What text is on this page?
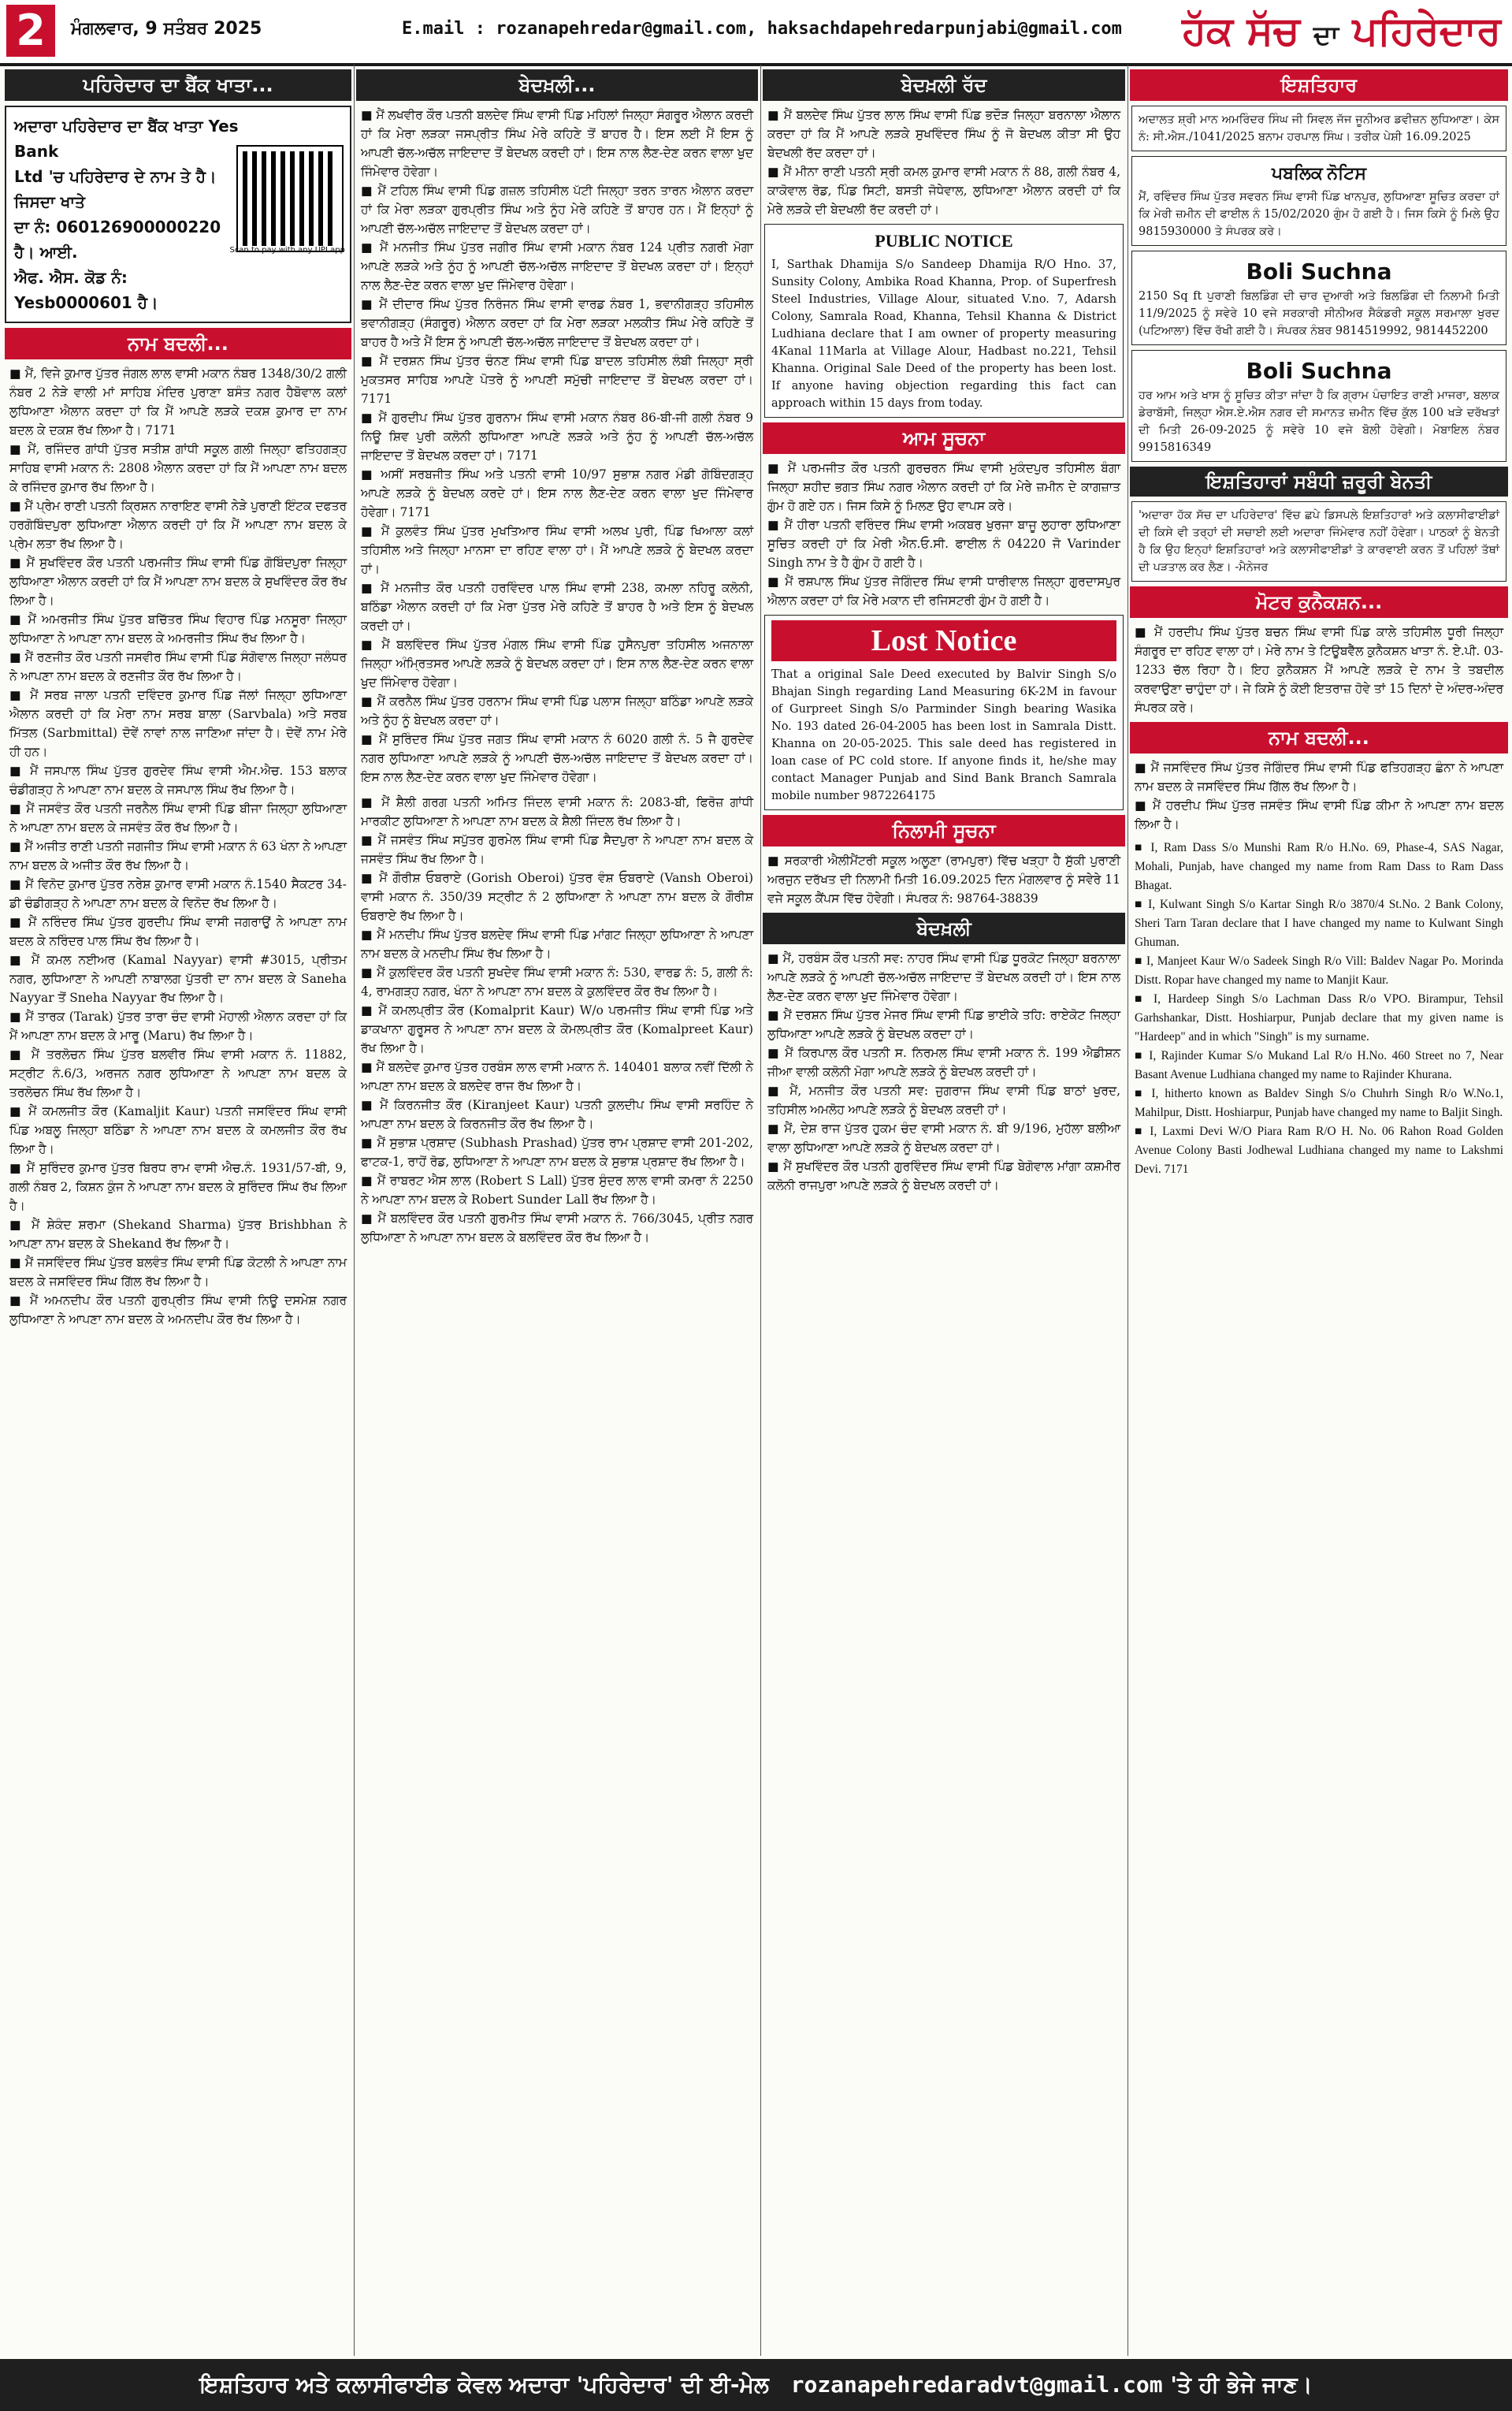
2	ਮੰਗਲਵਾਰ, 9 ਸਤੰਬਰ 2025	E.mail : rozanapehredar@gmail.com, haksachdapehredarpunjabi@gmail.com ਹੱਕ ਸੱਚ ਦਾ ਪਹਿਰੇਦਾਰ
ਪਹਿਰੇਦਾਰ ਦਾ ਬੈਂਕ ਖਾਤਾ...
ਅਦਾਰਾ ਪਹਿਰੇਦਾਰ ਦਾ ਬੈਂਕ ਖਾਤਾ Yes Bank
Ltd 'ਚ ਪਹਿਰੇਦਾਰ ਦੇ ਨਾਮ ਤੇ ਹੈ। ਜਿਸਦਾ ਖਾਤੇ
ਦਾ ਨੰ: 060126900000220 ਹੈ। ਆਈ.
ਐਫ. ਐਸ. ਕੋਡ ਨੰ: Yesb0000601 ਹੈ।
Scan to pay with any UPI app
ਨਾਮ ਬਦਲੀ...
■ ਮੈਂ, ਵਿਜੇ ਕੁਮਾਰ ਪੁੱਤਰ ਜੰਗਲ ਲਾਲ ਵਾਸੀ ਮਕਾਨ ਨੰਬਰ 1348/30/2 ਗਲੀ ਨੰਬਰ 2 ਨੇੜੇ ਵਾਲੀ ਮਾਂ ਸਾਹਿਬ ਮੰਦਿਰ ਪੁਰਾਣਾ ਬਸੰਤ ਨਗਰ ਹੈਬੋਵਾਲ ਕਲਾਂ ਲੁਧਿਆਣਾ ਐਲਾਨ ਕਰਦਾ ਹਾਂ ਕਿ ਮੈਂ ਆਪਣੇ ਲੜਕੇ ਦਕਸ਼ ਕੁਮਾਰ ਦਾ ਨਾਮ ਬਦਲ ਕੇ ਦਕਸ਼ ਰੱਖ ਲਿਆ ਹੈ। 7171
■ ਮੈਂ, ਰਜਿੰਦਰ ਗਾਂਧੀ ਪੁੱਤਰ ਸਤੀਸ਼ ਗਾਂਧੀ ਸਕੂਲ ਗਲੀ ਜਿਲ੍ਹਾ ਫਤਿਹਗੜ੍ਹ ਸਾਹਿਬ ਵਾਸੀ ਮਕਾਨ ਨੰ: 2808 ਐਲਾਨ ਕਰਦਾ ਹਾਂ ਕਿ ਮੈਂ ਆਪਣਾ ਨਾਮ ਬਦਲ ਕੇ ਰਜਿੰਦਰ ਕੁਮਾਰ ਰੱਖ ਲਿਆ ਹੈ।
■ ਮੈਂ ਪ੍ਰੇਮ ਰਾਣੀ ਪਤਨੀ ਕ੍ਰਿਸ਼ਨ ਨਾਰਾਇਣ ਵਾਸੀ ਨੇੜੇ ਪੁਰਾਣੀ ਇੰਟਕ ਦਫਤਰ ਹਰਗੋਬਿੰਦਪੁਰਾ ਲੁਧਿਆਣਾ ਐਲਾਨ ਕਰਦੀ ਹਾਂ ਕਿ ਮੈਂ ਆਪਣਾ ਨਾਮ ਬਦਲ ਕੇ ਪ੍ਰੇਮ ਲਤਾ ਰੱਖ ਲਿਆ ਹੈ।
■ ਮੈਂ ਸੁਖਵਿੰਦਰ ਕੌਰ ਪਤਨੀ ਪਰਮਜੀਤ ਸਿੰਘ ਵਾਸੀ ਪਿੰਡ ਗੋਬਿੰਦਪੁਰਾ ਜਿਲ੍ਹਾ ਲੁਧਿਆਣਾ ਐਲਾਨ ਕਰਦੀ ਹਾਂ ਕਿ ਮੈਂ ਆਪਣਾ ਨਾਮ ਬਦਲ ਕੇ ਸੁਖਵਿੰਦਰ ਕੌਰ ਰੱਖ ਲਿਆ ਹੈ।
■ ਮੈਂ ਅਮਰਜੀਤ ਸਿੰਘ ਪੁੱਤਰ ਬਚਿੱਤਰ ਸਿੰਘ ਵਿਹਾਰ ਪਿੰਡ ਮਨਸੂਰਾ ਜਿਲ੍ਹਾ ਲੁਧਿਆਣਾ ਨੇ ਆਪਣਾ ਨਾਮ ਬਦਲ ਕੇ ਅਮਰਜੀਤ ਸਿੰਘ ਰੱਖ ਲਿਆ ਹੈ।
■ ਮੈਂ ਰਣਜੀਤ ਕੌਰ ਪਤਨੀ ਜਸਵੀਰ ਸਿੰਘ ਵਾਸੀ ਪਿੰਡ ਸੰਗੋਵਾਲ ਜਿਲ੍ਹਾ ਜਲੰਧਰ ਨੇ ਆਪਣਾ ਨਾਮ ਬਦਲ ਕੇ ਰਣਜੀਤ ਕੌਰ ਰੱਖ ਲਿਆ ਹੈ।
■ ਮੈਂ ਸਰਬ ਜਾਲਾ ਪਤਨੀ ਦਵਿੰਦਰ ਕੁਮਾਰ ਪਿੰਡ ਜੱਲਾਂ ਜਿਲ੍ਹਾ ਲੁਧਿਆਣਾ ਐਲਾਨ ਕਰਦੀ ਹਾਂ ਕਿ ਮੇਰਾ ਨਾਮ ਸਰਬ ਬਾਲਾ (Sarvbala) ਅਤੇ ਸਰਬ ਮਿੱਤਲ (Sarbmittal) ਦੋਵੇਂ ਨਾਵਾਂ ਨਾਲ ਜਾਣਿਆ ਜਾਂਦਾ ਹੈ। ਦੋਵੇਂ ਨਾਮ ਮੇਰੇ ਹੀ ਹਨ।
■ ਮੈਂ ਜਸਪਾਲ ਸਿੰਘ ਪੁੱਤਰ ਗੁਰਦੇਵ ਸਿੰਘ ਵਾਸੀ ਐਮ.ਐਚ. 153 ਬਲਾਕ ਚੰਡੀਗੜ੍ਹ ਨੇ ਆਪਣਾ ਨਾਮ ਬਦਲ ਕੇ ਜਸਪਾਲ ਸਿੰਘ ਰੱਖ ਲਿਆ ਹੈ।
■ ਮੈਂ ਜਸਵੰਤ ਕੌਰ ਪਤਨੀ ਜਰਨੈਲ ਸਿੰਘ ਵਾਸੀ ਪਿੰਡ ਬੀਜਾ ਜਿਲ੍ਹਾ ਲੁਧਿਆਣਾ ਨੇ ਆਪਣਾ ਨਾਮ ਬਦਲ ਕੇ ਜਸਵੰਤ ਕੌਰ ਰੱਖ ਲਿਆ ਹੈ।
■ ਮੈਂ ਅਜੀਤ ਰਾਣੀ ਪਤਨੀ ਜਗਜੀਤ ਸਿੰਘ ਵਾਸੀ ਮਕਾਨ ਨੰ 63 ਖੰਨਾ ਨੇ ਆਪਣਾ ਨਾਮ ਬਦਲ ਕੇ ਅਜੀਤ ਕੌਰ ਰੱਖ ਲਿਆ ਹੈ।
■ ਮੈਂ ਵਿਨੋਦ ਕੁਮਾਰ ਪੁੱਤਰ ਨਰੇਸ਼ ਕੁਮਾਰ ਵਾਸੀ ਮਕਾਨ ਨੰ.1540 ਸੈਕਟਰ 34-ਡੀ ਚੰਡੀਗੜ੍ਹ ਨੇ ਆਪਣਾ ਨਾਮ ਬਦਲ ਕੇ ਵਿਨੋਦ ਰੱਖ ਲਿਆ ਹੈ।
■ ਮੈਂ ਨਰਿੰਦਰ ਸਿੰਘ ਪੁੱਤਰ ਗੁਰਦੀਪ ਸਿੰਘ ਵਾਸੀ ਜਗਰਾਉਂ ਨੇ ਆਪਣਾ ਨਾਮ ਬਦਲ ਕੇ ਨਰਿੰਦਰ ਪਾਲ ਸਿੰਘ ਰੱਖ ਲਿਆ ਹੈ।
■ ਮੈਂ ਕਮਲ ਨਈਅਰ (Kamal Nayyar) ਵਾਸੀ #3015, ਪ੍ਰੀਤਮ ਨਗਰ, ਲੁਧਿਆਣਾ ਨੇ ਆਪਣੀ ਨਾਬਾਲਗ ਪੁੱਤਰੀ ਦਾ ਨਾਮ ਬਦਲ ਕੇ Saneha Nayyar ਤੋਂ Sneha Nayyar ਰੱਖ ਲਿਆ ਹੈ।
■ ਮੈਂ ਤਾਰਕ (Tarak) ਪੁੱਤਰ ਤਾਰਾ ਚੰਦ ਵਾਸੀ ਮੋਹਾਲੀ ਐਲਾਨ ਕਰਦਾ ਹਾਂ ਕਿ ਮੈਂ ਆਪਣਾ ਨਾਮ ਬਦਲ ਕੇ ਮਾਰੂ (Maru) ਰੱਖ ਲਿਆ ਹੈ।
■ ਮੈਂ ਤਰਲੋਚਨ ਸਿੰਘ ਪੁੱਤਰ ਬਲਵੀਰ ਸਿੰਘ ਵਾਸੀ ਮਕਾਨ ਨੰ. 11882, ਸਟ੍ਰੀਟ ਨੰ.6/3, ਅਰਜਨ ਨਗਰ ਲੁਧਿਆਣਾ ਨੇ ਆਪਣਾ ਨਾਮ ਬਦਲ ਕੇ ਤਰਲੋਚਨ ਸਿੰਘ ਰੱਖ ਲਿਆ ਹੈ।
■ ਮੈਂ ਕਮਲਜੀਤ ਕੌਰ (Kamaljit Kaur) ਪਤਨੀ ਜਸਵਿੰਦਰ ਸਿੰਘ ਵਾਸੀ ਪਿੰਡ ਅਬਲੂ ਜਿਲ੍ਹਾ ਬਠਿੰਡਾ ਨੇ ਆਪਣਾ ਨਾਮ ਬਦਲ ਕੇ ਕਮਲਜੀਤ ਕੌਰ ਰੱਖ ਲਿਆ ਹੈ।
■ ਮੈਂ ਸੁਰਿੰਦਰ ਕੁਮਾਰ ਪੁੱਤਰ ਬਿਰਧ ਰਾਮ ਵਾਸੀ ਐਚ.ਨੰ. 1931/57-ਬੀ, 9, ਗਲੀ ਨੰਬਰ 2, ਕਿਸ਼ਨ ਕੁੰਜ ਨੇ ਆਪਣਾ ਨਾਮ ਬਦਲ ਕੇ ਸੁਰਿੰਦਰ ਸਿੰਘ ਰੱਖ ਲਿਆ ਹੈ।
■ ਮੈਂ ਸ਼ੇਕੰਦ ਸ਼ਰਮਾ (Shekand Sharma) ਪੁੱਤਰ Brishbhan ਨੇ ਆਪਣਾ ਨਾਮ ਬਦਲ ਕੇ Shekand ਰੱਖ ਲਿਆ ਹੈ।
■ ਮੈਂ ਜਸਵਿੰਦਰ ਸਿੰਘ ਪੁੱਤਰ ਬਲਵੰਤ ਸਿੰਘ ਵਾਸੀ ਪਿੰਡ ਕੋਟਲੀ ਨੇ ਆਪਣਾ ਨਾਮ ਬਦਲ ਕੇ ਜਸਵਿੰਦਰ ਸਿੰਘ ਗਿੱਲ ਰੱਖ ਲਿਆ ਹੈ।
■ ਮੈਂ ਅਮਨਦੀਪ ਕੌਰ ਪਤਨੀ ਗੁਰਪ੍ਰੀਤ ਸਿੰਘ ਵਾਸੀ ਨਿਊ ਦਸਮੇਸ਼ ਨਗਰ ਲੁਧਿਆਣਾ ਨੇ ਆਪਣਾ ਨਾਮ ਬਦਲ ਕੇ ਅਮਨਦੀਪ ਕੌਰ ਰੱਖ ਲਿਆ ਹੈ।
ਬੇਦਖ਼ਲੀ...
■ ਮੈਂ ਲਖਵੀਰ ਕੌਰ ਪਤਨੀ ਬਲਦੇਵ ਸਿੰਘ ਵਾਸੀ ਪਿੰਡ ਮਹਿਲਾਂ ਜਿਲ੍ਹਾ ਸੰਗਰੂਰ ਐਲਾਨ ਕਰਦੀ ਹਾਂ ਕਿ ਮੇਰਾ ਲੜਕਾ ਜਸਪ੍ਰੀਤ ਸਿੰਘ ਮੇਰੇ ਕਹਿਣੇ ਤੋਂ ਬਾਹਰ ਹੈ। ਇਸ ਲਈ ਮੈਂ ਇਸ ਨੂੰ ਆਪਣੀ ਚੱਲ-ਅਚੱਲ ਜਾਇਦਾਦ ਤੋਂ ਬੇਦਖਲ ਕਰਦੀ ਹਾਂ। ਇਸ ਨਾਲ ਲੈਣ-ਦੇਣ ਕਰਨ ਵਾਲਾ ਖੁਦ ਜਿੰਮੇਵਾਰ ਹੋਵੇਗਾ।
■ ਮੈਂ ਟਹਿਲ ਸਿੰਘ ਵਾਸੀ ਪਿੰਡ ਗਜ਼ਲ ਤਹਿਸੀਲ ਪੱਟੀ ਜਿਲ੍ਹਾ ਤਰਨ ਤਾਰਨ ਐਲਾਨ ਕਰਦਾ ਹਾਂ ਕਿ ਮੇਰਾ ਲੜਕਾ ਗੁਰਪ੍ਰੀਤ ਸਿੰਘ ਅਤੇ ਨੂੰਹ ਮੇਰੇ ਕਹਿਣੇ ਤੋਂ ਬਾਹਰ ਹਨ। ਮੈਂ ਇਨ੍ਹਾਂ ਨੂੰ ਆਪਣੀ ਚੱਲ-ਅਚੱਲ ਜਾਇਦਾਦ ਤੋਂ ਬੇਦਖਲ ਕਰਦਾ ਹਾਂ।
■ ਮੈਂ ਮਨਜੀਤ ਸਿੰਘ ਪੁੱਤਰ ਜਗੀਰ ਸਿੰਘ ਵਾਸੀ ਮਕਾਨ ਨੰਬਰ 124 ਪ੍ਰੀਤ ਨਗਰੀ ਮੋਗਾ ਆਪਣੇ ਲੜਕੇ ਅਤੇ ਨੂੰਹ ਨੂੰ ਆਪਣੀ ਚੱਲ-ਅਚੱਲ ਜਾਇਦਾਦ ਤੋਂ ਬੇਦਖਲ ਕਰਦਾ ਹਾਂ। ਇਨ੍ਹਾਂ ਨਾਲ ਲੈਣ-ਦੇਣ ਕਰਨ ਵਾਲਾ ਖੁਦ ਜਿੰਮੇਵਾਰ ਹੋਵੇਗਾ।
■ ਮੈਂ ਦੀਦਾਰ ਸਿੰਘ ਪੁੱਤਰ ਨਿਰੰਜਨ ਸਿੰਘ ਵਾਸੀ ਵਾਰਡ ਨੰਬਰ 1, ਭਵਾਨੀਗੜ੍ਹ ਤਹਿਸੀਲ ਭਵਾਨੀਗੜ੍ਹ (ਸੰਗਰੂਰ) ਐਲਾਨ ਕਰਦਾ ਹਾਂ ਕਿ ਮੇਰਾ ਲੜਕਾ ਮਲਕੀਤ ਸਿੰਘ ਮੇਰੇ ਕਹਿਣੇ ਤੋਂ ਬਾਹਰ ਹੈ ਅਤੇ ਮੈਂ ਇਸ ਨੂੰ ਆਪਣੀ ਚੱਲ-ਅਚੱਲ ਜਾਇਦਾਦ ਤੋਂ ਬੇਦਖਲ ਕਰਦਾ ਹਾਂ।
■ ਮੈਂ ਦਰਸ਼ਨ ਸਿੰਘ ਪੁੱਤਰ ਚੰਨਣ ਸਿੰਘ ਵਾਸੀ ਪਿੰਡ ਬਾਦਲ ਤਹਿਸੀਲ ਲੰਬੀ ਜਿਲ੍ਹਾ ਸ੍ਰੀ ਮੁਕਤਸਰ ਸਾਹਿਬ ਆਪਣੇ ਪੋਤਰੇ ਨੂੰ ਆਪਣੀ ਸਮੁੱਚੀ ਜਾਇਦਾਦ ਤੋਂ ਬੇਦਖਲ ਕਰਦਾ ਹਾਂ। 7171
■ ਮੈਂ ਗੁਰਦੀਪ ਸਿੰਘ ਪੁੱਤਰ ਗੁਰਨਾਮ ਸਿੰਘ ਵਾਸੀ ਮਕਾਨ ਨੰਬਰ 86-ਬੀ-ਜੀ ਗਲੀ ਨੰਬਰ 9 ਨਿਊ ਸ਼ਿਵ ਪੁਰੀ ਕਲੋਨੀ ਲੁਧਿਆਣਾ ਆਪਣੇ ਲੜਕੇ ਅਤੇ ਨੂੰਹ ਨੂੰ ਆਪਣੀ ਚੱਲ-ਅਚੱਲ ਜਾਇਦਾਦ ਤੋਂ ਬੇਦਖਲ ਕਰਦਾ ਹਾਂ। 7171
■ ਅਸੀਂ ਸਰਬਜੀਤ ਸਿੰਘ ਅਤੇ ਪਤਨੀ ਵਾਸੀ 10/97 ਸੁਭਾਸ਼ ਨਗਰ ਮੰਡੀ ਗੋਬਿੰਦਗੜ੍ਹ ਆਪਣੇ ਲੜਕੇ ਨੂੰ ਬੇਦਖਲ ਕਰਦੇ ਹਾਂ। ਇਸ ਨਾਲ ਲੈਣ-ਦੇਣ ਕਰਨ ਵਾਲਾ ਖੁਦ ਜਿੰਮੇਵਾਰ ਹੋਵੇਗਾ। 7171
■ ਮੈਂ ਕੁਲਵੰਤ ਸਿੰਘ ਪੁੱਤਰ ਮੁਖਤਿਆਰ ਸਿੰਘ ਵਾਸੀ ਅਲਖ ਪੁਰੀ, ਪਿੰਡ ਖਿਆਲਾ ਕਲਾਂ ਤਹਿਸੀਲ ਅਤੇ ਜਿਲ੍ਹਾ ਮਾਨਸਾ ਦਾ ਰਹਿਣ ਵਾਲਾ ਹਾਂ। ਮੈਂ ਆਪਣੇ ਲੜਕੇ ਨੂੰ ਬੇਦਖਲ ਕਰਦਾ ਹਾਂ।
■ ਮੈਂ ਮਨਜੀਤ ਕੌਰ ਪਤਨੀ ਹਰਵਿੰਦਰ ਪਾਲ ਸਿੰਘ ਵਾਸੀ 238, ਕਮਲਾ ਨਹਿਰੂ ਕਲੋਨੀ, ਬਠਿੰਡਾ ਐਲਾਨ ਕਰਦੀ ਹਾਂ ਕਿ ਮੇਰਾ ਪੁੱਤਰ ਮੇਰੇ ਕਹਿਣੇ ਤੋਂ ਬਾਹਰ ਹੈ ਅਤੇ ਇਸ ਨੂੰ ਬੇਦਖਲ ਕਰਦੀ ਹਾਂ।
■ ਮੈਂ ਬਲਵਿੰਦਰ ਸਿੰਘ ਪੁੱਤਰ ਮੰਗਲ ਸਿੰਘ ਵਾਸੀ ਪਿੰਡ ਹੁਸੈਨਪੁਰਾ ਤਹਿਸੀਲ ਅਜਨਾਲਾ ਜਿਲ੍ਹਾ ਅੰਮ੍ਰਿਤਸਰ ਆਪਣੇ ਲੜਕੇ ਨੂੰ ਬੇਦਖਲ ਕਰਦਾ ਹਾਂ। ਇਸ ਨਾਲ ਲੈਣ-ਦੇਣ ਕਰਨ ਵਾਲਾ ਖੁਦ ਜਿੰਮੇਵਾਰ ਹੋਵੇਗਾ।
■ ਮੈਂ ਕਰਨੈਲ ਸਿੰਘ ਪੁੱਤਰ ਹਰਨਾਮ ਸਿੰਘ ਵਾਸੀ ਪਿੰਡ ਪਲਾਸ ਜਿਲ੍ਹਾ ਬਠਿੰਡਾ ਆਪਣੇ ਲੜਕੇ ਅਤੇ ਨੂੰਹ ਨੂੰ ਬੇਦਖਲ ਕਰਦਾ ਹਾਂ।
■ ਮੈਂ ਸੁਰਿੰਦਰ ਸਿੰਘ ਪੁੱਤਰ ਜਗਤ ਸਿੰਘ ਵਾਸੀ ਮਕਾਨ ਨੰ 6020 ਗਲੀ ਨੰ. 5 ਜੈ ਗੁਰਦੇਵ ਨਗਰ ਲੁਧਿਆਣਾ ਆਪਣੇ ਲੜਕੇ ਨੂੰ ਆਪਣੀ ਚੱਲ-ਅਚੱਲ ਜਾਇਦਾਦ ਤੋਂ ਬੇਦਖਲ ਕਰਦਾ ਹਾਂ। ਇਸ ਨਾਲ ਲੈਣ-ਦੇਣ ਕਰਨ ਵਾਲਾ ਖੁਦ ਜਿੰਮੇਵਾਰ ਹੋਵੇਗਾ।
■ ਮੈਂ ਸ਼ੈਲੀ ਗਰਗ ਪਤਨੀ ਅਮਿਤ ਜਿੰਦਲ ਵਾਸੀ ਮਕਾਨ ਨੰ: 2083-ਬੀ, ਫਿਰੋਜ਼ ਗਾਂਧੀ ਮਾਰਕੀਟ ਲੁਧਿਆਣਾ ਨੇ ਆਪਣਾ ਨਾਮ ਬਦਲ ਕੇ ਸ਼ੈਲੀ ਜਿੰਦਲ ਰੱਖ ਲਿਆ ਹੈ।
■ ਮੈਂ ਜਸਵੰਤ ਸਿੰਘ ਸਪੁੱਤਰ ਗੁਰਮੇਲ ਸਿੰਘ ਵਾਸੀ ਪਿੰਡ ਸੈਦਪੁਰਾ ਨੇ ਆਪਣਾ ਨਾਮ ਬਦਲ ਕੇ ਜਸਵੰਤ ਸਿੰਘ ਰੱਖ ਲਿਆ ਹੈ।
■ ਮੈਂ ਗੌਰੀਸ਼ ਓਬਰਾਏ (Gorish Oberoi) ਪੁੱਤਰ ਵੰਸ਼ ਓਬਰਾਏ (Vansh Oberoi) ਵਾਸੀ ਮਕਾਨ ਨੰ. 350/39 ਸਟ੍ਰੀਟ ਨੰ 2 ਲੁਧਿਆਣਾ ਨੇ ਆਪਣਾ ਨਾਮ ਬਦਲ ਕੇ ਗੌਰੀਸ਼ ਓਬਰਾਏ ਰੱਖ ਲਿਆ ਹੈ।
■ ਮੈਂ ਮਨਦੀਪ ਸਿੰਘ ਪੁੱਤਰ ਬਲਦੇਵ ਸਿੰਘ ਵਾਸੀ ਪਿੰਡ ਮਾਂਗਟ ਜਿਲ੍ਹਾ ਲੁਧਿਆਣਾ ਨੇ ਆਪਣਾ ਨਾਮ ਬਦਲ ਕੇ ਮਨਦੀਪ ਸਿੰਘ ਰੱਖ ਲਿਆ ਹੈ।
■ ਮੈਂ ਕੁਲਵਿੰਦਰ ਕੌਰ ਪਤਨੀ ਸੁਖਦੇਵ ਸਿੰਘ ਵਾਸੀ ਮਕਾਨ ਨੰ: 530, ਵਾਰਡ ਨੰ: 5, ਗਲੀ ਨੰ: 4, ਰਾਮਗੜ੍ਹ ਨਗਰ, ਖੰਨਾ ਨੇ ਆਪਣਾ ਨਾਮ ਬਦਲ ਕੇ ਕੁਲਵਿੰਦਰ ਕੌਰ ਰੱਖ ਲਿਆ ਹੈ।
■ ਮੈਂ ਕਮਲਪ੍ਰੀਤ ਕੌਰ (Komalprit Kaur) W/o ਪਰਮਜੀਤ ਸਿੰਘ ਵਾਸੀ ਪਿੰਡ ਅਤੇ ਡਾਕਖਾਨਾ ਗੁਰੂਸਰ ਨੇ ਆਪਣਾ ਨਾਮ ਬਦਲ ਕੇ ਕੋਮਲਪ੍ਰੀਤ ਕੌਰ (Komalpreet Kaur) ਰੱਖ ਲਿਆ ਹੈ।
■ ਮੈਂ ਬਲਦੇਵ ਕੁਮਾਰ ਪੁੱਤਰ ਹਰਬੰਸ ਲਾਲ ਵਾਸੀ ਮਕਾਨ ਨੰ. 140401 ਬਲਾਕ ਨਵੀਂ ਦਿੱਲੀ ਨੇ ਆਪਣਾ ਨਾਮ ਬਦਲ ਕੇ ਬਲਦੇਵ ਰਾਜ ਰੱਖ ਲਿਆ ਹੈ।
■ ਮੈਂ ਕਿਰਨਜੀਤ ਕੌਰ (Kiranjeet Kaur) ਪਤਨੀ ਕੁਲਦੀਪ ਸਿੰਘ ਵਾਸੀ ਸਰਹਿੰਦ ਨੇ ਆਪਣਾ ਨਾਮ ਬਦਲ ਕੇ ਕਿਰਨਜੀਤ ਕੌਰ ਰੱਖ ਲਿਆ ਹੈ।
■ ਮੈਂ ਸੁਭਾਸ਼ ਪ੍ਰਸ਼ਾਦ (Subhash Prashad) ਪੁੱਤਰ ਰਾਮ ਪ੍ਰਸ਼ਾਦ ਵਾਸੀ 201-202, ਫਾਟਕ-1, ਰਾਹੋਂ ਰੋਡ, ਲੁਧਿਆਣਾ ਨੇ ਆਪਣਾ ਨਾਮ ਬਦਲ ਕੇ ਸੁਭਾਸ਼ ਪ੍ਰਸ਼ਾਦ ਰੱਖ ਲਿਆ ਹੈ।
■ ਮੈਂ ਰਾਬਰਟ ਐਸ ਲਾਲ (Robert S Lall) ਪੁੱਤਰ ਸੁੰਦਰ ਲਾਲ ਵਾਸੀ ਕਮਰਾ ਨੰ 2250 ਨੇ ਆਪਣਾ ਨਾਮ ਬਦਲ ਕੇ Robert Sunder Lall ਰੱਖ ਲਿਆ ਹੈ।
■ ਮੈਂ ਬਲਵਿੰਦਰ ਕੌਰ ਪਤਨੀ ਗੁਰਮੀਤ ਸਿੰਘ ਵਾਸੀ ਮਕਾਨ ਨੰ. 766/3045, ਪ੍ਰੀਤ ਨਗਰ ਲੁਧਿਆਣਾ ਨੇ ਆਪਣਾ ਨਾਮ ਬਦਲ ਕੇ ਬਲਵਿੰਦਰ ਕੌਰ ਰੱਖ ਲਿਆ ਹੈ।
ਬੇਦਖ਼ਲੀ ਰੱਦ
■ ਮੈਂ ਬਲਦੇਵ ਸਿੰਘ ਪੁੱਤਰ ਲਾਲ ਸਿੰਘ ਵਾਸੀ ਪਿੰਡ ਭਦੌੜ ਜਿਲ੍ਹਾ ਬਰਨਾਲਾ ਐਲਾਨ ਕਰਦਾ ਹਾਂ ਕਿ ਮੈਂ ਆਪਣੇ ਲੜਕੇ ਸੁਖਵਿੰਦਰ ਸਿੰਘ ਨੂੰ ਜੋ ਬੇਦਖਲ ਕੀਤਾ ਸੀ ਉਹ ਬੇਦਖਲੀ ਰੱਦ ਕਰਦਾ ਹਾਂ।
■ ਮੈਂ ਮੀਨਾ ਰਾਣੀ ਪਤਨੀ ਸ੍ਰੀ ਕਮਲ ਕੁਮਾਰ ਵਾਸੀ ਮਕਾਨ ਨੰ 88, ਗਲੀ ਨੰਬਰ 4, ਕਾਕੋਵਾਲ ਰੋਡ, ਪਿੰਡ ਸਿਟੀ, ਬਸਤੀ ਜੋਧੇਵਾਲ, ਲੁਧਿਆਣਾ ਐਲਾਨ ਕਰਦੀ ਹਾਂ ਕਿ ਮੇਰੇ ਲੜਕੇ ਦੀ ਬੇਦਖਲੀ ਰੱਦ ਕਰਦੀ ਹਾਂ।
PUBLIC NOTICE
I, Sarthak Dhamija S/o Sandeep Dhamija R/O Hno. 37, Sunsity Colony, Ambika Road Khanna, Prop. of Superfresh Steel Industries, Village Alour, situated V.no. 7, Adarsh Colony, Samrala Road, Khanna, Tehsil Khanna & District Ludhiana declare that I am owner of property measuring 4Kanal 11Marla at Village Alour, Hadbast no.221, Tehsil Khanna. Original Sale Deed of the property has been lost. If anyone having objection regarding this fact can approach within 15 days from today.
ਆਮ ਸੂਚਨਾ
■ ਮੈਂ ਪਰਮਜੀਤ ਕੌਰ ਪਤਨੀ ਗੁਰਚਰਨ ਸਿੰਘ ਵਾਸੀ ਮੁਕੰਦਪੁਰ ਤਹਿਸੀਲ ਬੰਗਾ ਜਿਲ੍ਹਾ ਸ਼ਹੀਦ ਭਗਤ ਸਿੰਘ ਨਗਰ ਐਲਾਨ ਕਰਦੀ ਹਾਂ ਕਿ ਮੇਰੇ ਜ਼ਮੀਨ ਦੇ ਕਾਗਜ਼ਾਤ ਗੁੰਮ ਹੋ ਗਏ ਹਨ। ਜਿਸ ਕਿਸੇ ਨੂੰ ਮਿਲਣ ਉਹ ਵਾਪਸ ਕਰੇ।
■ ਮੈਂ ਹੀਰਾ ਪਤਨੀ ਵਰਿੰਦਰ ਸਿੰਘ ਵਾਸੀ ਅਕਬਰ ਖੁਰਜਾ ਬਾਜੂ ਲੁਹਾਰਾ ਲੁਧਿਆਣਾ ਸੂਚਿਤ ਕਰਦੀ ਹਾਂ ਕਿ ਮੇਰੀ ਐਨ.ਓ.ਸੀ. ਫਾਈਲ ਨੰ 04220 ਜੋ Varinder Singh ਨਾਮ ਤੇ ਹੈ ਗੁੰਮ ਹੋ ਗਈ ਹੈ।
■ ਮੈਂ ਰਸ਼ਪਾਲ ਸਿੰਘ ਪੁੱਤਰ ਜੋਗਿੰਦਰ ਸਿੰਘ ਵਾਸੀ ਧਾਰੀਵਾਲ ਜਿਲ੍ਹਾ ਗੁਰਦਾਸਪੁਰ ਐਲਾਨ ਕਰਦਾ ਹਾਂ ਕਿ ਮੇਰੇ ਮਕਾਨ ਦੀ ਰਜਿਸਟਰੀ ਗੁੰਮ ਹੋ ਗਈ ਹੈ।
Lost Notice
That a original Sale Deed executed by Balvir Singh S/o Bhajan Singh regarding Land Measuring 6K-2M in favour of Gurpreet Singh S/o Parminder Singh bearing Wasika No. 193 dated 26-04-2005 has been lost in Samrala Distt. Khanna on 20-05-2025. This sale deed has registered in loan case of PC cold store. If anyone finds it, he/she may contact Manager Punjab and Sind Bank Branch Samrala mobile number 9872264175
ਨਿਲਾਮੀ ਸੂਚਨਾ
■ ਸਰਕਾਰੀ ਐਲੀਮੈਂਟਰੀ ਸਕੂਲ ਅਲੂਣਾ (ਰਾਮਪੁਰਾ) ਵਿੱਚ ਖੜ੍ਹਾ ਹੈ ਸੁੱਕੀ ਪੁਰਾਣੀ ਅਰਜੁਨ ਦਰੱਖਤ ਦੀ ਨਿਲਾਮੀ ਮਿਤੀ 16.09.2025 ਦਿਨ ਮੰਗਲਵਾਰ ਨੂੰ ਸਵੇਰੇ 11 ਵਜੇ ਸਕੂਲ ਕੈਂਪਸ ਵਿੱਚ ਹੋਵੇਗੀ। ਸੰਪਰਕ ਨੰ: 98764-38839
ਬੇਦਖ਼ਲੀ
■ ਮੈਂ, ਹਰਬੰਸ ਕੌਰ ਪਤਨੀ ਸਵ: ਨਾਹਰ ਸਿੰਘ ਵਾਸੀ ਪਿੰਡ ਧੂਰਕੋਟ ਜਿਲ੍ਹਾ ਬਰਨਾਲਾ ਆਪਣੇ ਲੜਕੇ ਨੂੰ ਆਪਣੀ ਚੱਲ-ਅਚੱਲ ਜਾਇਦਾਦ ਤੋਂ ਬੇਦਖਲ ਕਰਦੀ ਹਾਂ। ਇਸ ਨਾਲ ਲੈਣ-ਦੇਣ ਕਰਨ ਵਾਲਾ ਖੁਦ ਜਿੰਮੇਵਾਰ ਹੋਵੇਗਾ।
■ ਮੈਂ ਦਰਸ਼ਨ ਸਿੰਘ ਪੁੱਤਰ ਮੇਜਰ ਸਿੰਘ ਵਾਸੀ ਪਿੰਡ ਭਾਈਕੇ ਤਹਿ: ਰਾਏਕੋਟ ਜਿਲ੍ਹਾ ਲੁਧਿਆਣਾ ਆਪਣੇ ਲੜਕੇ ਨੂੰ ਬੇਦਖਲ ਕਰਦਾ ਹਾਂ।
■ ਮੈਂ ਕਿਰਪਾਲ ਕੌਰ ਪਤਨੀ ਸ. ਨਿਰਮਲ ਸਿੰਘ ਵਾਸੀ ਮਕਾਨ ਨੰ. 199 ਐਡੀਸ਼ਨ ਜੀਆ ਵਾਲੀ ਕਲੋਨੀ ਮੋਗਾ ਆਪਣੇ ਲੜਕੇ ਨੂੰ ਬੇਦਖਲ ਕਰਦੀ ਹਾਂ।
■ ਮੈਂ, ਮਨਜੀਤ ਕੌਰ ਪਤਨੀ ਸਵ: ਜੁਗਰਾਜ ਸਿੰਘ ਵਾਸੀ ਪਿੰਡ ਬਾਠਾਂ ਖੁਰਦ, ਤਹਿਸੀਲ ਅਮਲੋਹ ਆਪਣੇ ਲੜਕੇ ਨੂੰ ਬੇਦਖਲ ਕਰਦੀ ਹਾਂ।
■ ਮੈਂ, ਦੇਸ਼ ਰਾਜ ਪੁੱਤਰ ਹੁਕਮ ਚੰਦ ਵਾਸੀ ਮਕਾਨ ਨੰ. ਬੀ 9/196, ਮੁਹੱਲਾ ਬਲੀਆ ਵਾਲਾ ਲੁਧਿਆਣਾ ਆਪਣੇ ਲੜਕੇ ਨੂੰ ਬੇਦਖਲ ਕਰਦਾ ਹਾਂ।
■ ਮੈਂ ਸੁਖਵਿੰਦਰ ਕੌਰ ਪਤਨੀ ਗੁਰਵਿੰਦਰ ਸਿੰਘ ਵਾਸੀ ਪਿੰਡ ਬੇਗੋਵਾਲ ਮਾਂਗਾ ਕਸ਼ਮੀਰ ਕਲੋਨੀ ਰਾਜਪੁਰਾ ਆਪਣੇ ਲੜਕੇ ਨੂੰ ਬੇਦਖਲ ਕਰਦੀ ਹਾਂ।
ਇਸ਼ਤਿਹਾਰ
ਅਦਾਲਤ ਸ਼੍ਰੀ ਮਾਨ ਅਮਰਿੰਦਰ ਸਿੰਘ ਜੀ ਸਿਵਲ ਜੱਜ ਜੂਨੀਅਰ ਡਵੀਜ਼ਨ ਲੁਧਿਆਣਾ। ਕੇਸ ਨੰ: ਸੀ.ਐਸ./1041/2025 ਬਨਾਮ ਹਰਪਾਲ ਸਿੰਘ। ਤਰੀਕ ਪੇਸ਼ੀ 16.09.2025
ਪਬਲਿਕ ਨੋਟਿਸ
ਮੈਂ, ਰਵਿੰਦਰ ਸਿੰਘ ਪੁੱਤਰ ਸਵਰਨ ਸਿੰਘ ਵਾਸੀ ਪਿੰਡ ਖਾਨਪੁਰ, ਲੁਧਿਆਣਾ ਸੂਚਿਤ ਕਰਦਾ ਹਾਂ ਕਿ ਮੇਰੀ ਜ਼ਮੀਨ ਦੀ ਫਾਈਲ ਨੰ 15/02/2020 ਗੁੰਮ ਹੋ ਗਈ ਹੈ। ਜਿਸ ਕਿਸੇ ਨੂੰ ਮਿਲੇ ਉਹ 9815930000 ਤੇ ਸੰਪਰਕ ਕਰੇ।
Boli Suchna
2150 Sq ft ਪੁਰਾਣੀ ਬਿਲਡਿੰਗ ਦੀ ਚਾਰ ਦੁਆਰੀ ਅਤੇ ਬਿਲਡਿੰਗ ਦੀ ਨਿਲਾਮੀ ਮਿਤੀ 11/9/2025 ਨੂੰ ਸਵੇਰੇ 10 ਵਜੇ ਸਰਕਾਰੀ ਸੀਨੀਅਰ ਸੈਕੰਡਰੀ ਸਕੂਲ ਸਰਮਾਲਾ ਖੁਰਦ (ਪਟਿਆਲਾ) ਵਿੱਚ ਰੱਖੀ ਗਈ ਹੈ। ਸੰਪਰਕ ਨੰਬਰ 9814519992, 9814452200
Boli Suchna
ਹਰ ਆਮ ਅਤੇ ਖਾਸ ਨੂੰ ਸੂਚਿਤ ਕੀਤਾ ਜਾਂਦਾ ਹੈ ਕਿ ਗ੍ਰਾਮ ਪੰਚਾਇਤ ਰਾਣੀ ਮਾਜਰਾ, ਬਲਾਕ ਡੇਰਾਬੱਸੀ, ਜਿਲ੍ਹਾ ਐਸ.ਏ.ਐਸ ਨਗਰ ਦੀ ਸਮਾਨਤ ਜ਼ਮੀਨ ਵਿੱਚ ਕੁੱਲ 100 ਖੜੇ ਦਰੱਖਤਾਂ ਦੀ ਮਿਤੀ 26-09-2025 ਨੂੰ ਸਵੇਰੇ 10 ਵਜੇ ਬੋਲੀ ਹੋਵੇਗੀ। ਮੋਬਾਇਲ ਨੰਬਰ 9915816349
ਇਸ਼ਤਿਹਾਰਾਂ ਸਬੰਧੀ ਜ਼ਰੂਰੀ ਬੇਨਤੀ
'ਅਦਾਰਾ ਹੱਕ ਸੱਚ ਦਾ ਪਹਿਰੇਦਾਰ' ਵਿੱਚ ਛਪੇ ਡਿਸਪਲੇ ਇਸ਼ਤਿਹਾਰਾਂ ਅਤੇ ਕਲਾਸੀਫਾਈਡਾਂ ਦੀ ਕਿਸੇ ਵੀ ਤਰ੍ਹਾਂ ਦੀ ਸਚਾਈ ਲਈ ਅਦਾਰਾ ਜਿੰਮੇਵਾਰ ਨਹੀਂ ਹੋਵੇਗਾ। ਪਾਠਕਾਂ ਨੂੰ ਬੇਨਤੀ ਹੈ ਕਿ ਉਹ ਇਨ੍ਹਾਂ ਇਸ਼ਤਿਹਾਰਾਂ ਅਤੇ ਕਲਾਸੀਫਾਈਡਾਂ ਤੇ ਕਾਰਵਾਈ ਕਰਨ ਤੋਂ ਪਹਿਲਾਂ ਤੱਥਾਂ ਦੀ ਪੜਤਾਲ ਕਰ ਲੈਣ। -ਮੈਨੇਜਰ
ਮੋਟਰ ਕੁਨੈਕਸ਼ਨ...
■ ਮੈਂ ਹਰਦੀਪ ਸਿੰਘ ਪੁੱਤਰ ਬਚਨ ਸਿੰਘ ਵਾਸੀ ਪਿੰਡ ਕਾਲੇ ਤਹਿਸੀਲ ਧੂਰੀ ਜਿਲ੍ਹਾ ਸੰਗਰੂਰ ਦਾ ਰਹਿਣ ਵਾਲਾ ਹਾਂ। ਮੇਰੇ ਨਾਮ ਤੇ ਟਿਊਬਵੈੱਲ ਕੁਨੈਕਸ਼ਨ ਖਾਤਾ ਨੰ. ਏ.ਪੀ. 03-1233 ਚੱਲ ਰਿਹਾ ਹੈ। ਇਹ ਕੁਨੈਕਸ਼ਨ ਮੈਂ ਆਪਣੇ ਲੜਕੇ ਦੇ ਨਾਮ ਤੇ ਤਬਦੀਲ ਕਰਵਾਉਣਾ ਚਾਹੁੰਦਾ ਹਾਂ। ਜੇ ਕਿਸੇ ਨੂੰ ਕੋਈ ਇਤਰਾਜ਼ ਹੋਵੇ ਤਾਂ 15 ਦਿਨਾਂ ਦੇ ਅੰਦਰ-ਅੰਦਰ ਸੰਪਰਕ ਕਰੇ।
ਨਾਮ ਬਦਲੀ...
■ ਮੈਂ ਜਸਵਿੰਦਰ ਸਿੰਘ ਪੁੱਤਰ ਜੋਗਿੰਦਰ ਸਿੰਘ ਵਾਸੀ ਪਿੰਡ ਫਤਿਹਗੜ੍ਹ ਛੰਨਾ ਨੇ ਆਪਣਾ ਨਾਮ ਬਦਲ ਕੇ ਜਸਵਿੰਦਰ ਸਿੰਘ ਗਿੱਲ ਰੱਖ ਲਿਆ ਹੈ।
■ ਮੈਂ ਹਰਦੀਪ ਸਿੰਘ ਪੁੱਤਰ ਜਸਵੰਤ ਸਿੰਘ ਵਾਸੀ ਪਿੰਡ ਕੀਮਾ ਨੇ ਆਪਣਾ ਨਾਮ ਬਦਲ ਲਿਆ ਹੈ।
■ I, Ram Dass S/o Munshi Ram R/o H.No. 69, Phase-4, SAS Nagar, Mohali, Punjab, have changed my name from Ram Dass to Ram Dass Bhagat.
■ I, Kulwant Singh S/o Kartar Singh R/o 3870/4 St.No. 2 Bank Colony, Sheri Tarn Taran declare that I have changed my name to Kulwant Singh Ghuman.
■ I, Manjeet Kaur W/o Sadeek Singh R/o Vill: Baldev Nagar Po. Morinda Distt. Ropar have changed my name to Manjit Kaur.
■ I, Hardeep Singh S/o Lachman Dass R/o VPO. Birampur, Tehsil Garhshankar, Distt. Hoshiarpur, Punjab declare that my given name is "Hardeep" and in which "Singh" is my surname.
■ I, Rajinder Kumar S/o Mukand Lal R/o H.No. 460 Street no 7, Near Basant Avenue Ludhiana changed my name to Rajinder Khurana.
■ I, hitherto known as Baldev Singh S/o Chuhrh Singh R/o W.No.1, Mahilpur, Distt. Hoshiarpur, Punjab have changed my name to Baljit Singh.
■ I, Laxmi Devi W/O Piara Ram R/O H. No. 06 Rahon Road Golden Avenue Colony Basti Jodhewal Ludhiana changed my name to Lakshmi Devi. 7171
ਇਸ਼ਤਿਹਾਰ ਅਤੇ ਕਲਾਸੀਫਾਈਡ ਕੇਵਲ ਅਦਾਰਾ 'ਪਹਿਰੇਦਾਰ' ਦੀ ਈ-ਮੇਲ rozanapehredaradvt@gmail.com 'ਤੇ ਹੀ ਭੇਜੇ ਜਾਣ।
